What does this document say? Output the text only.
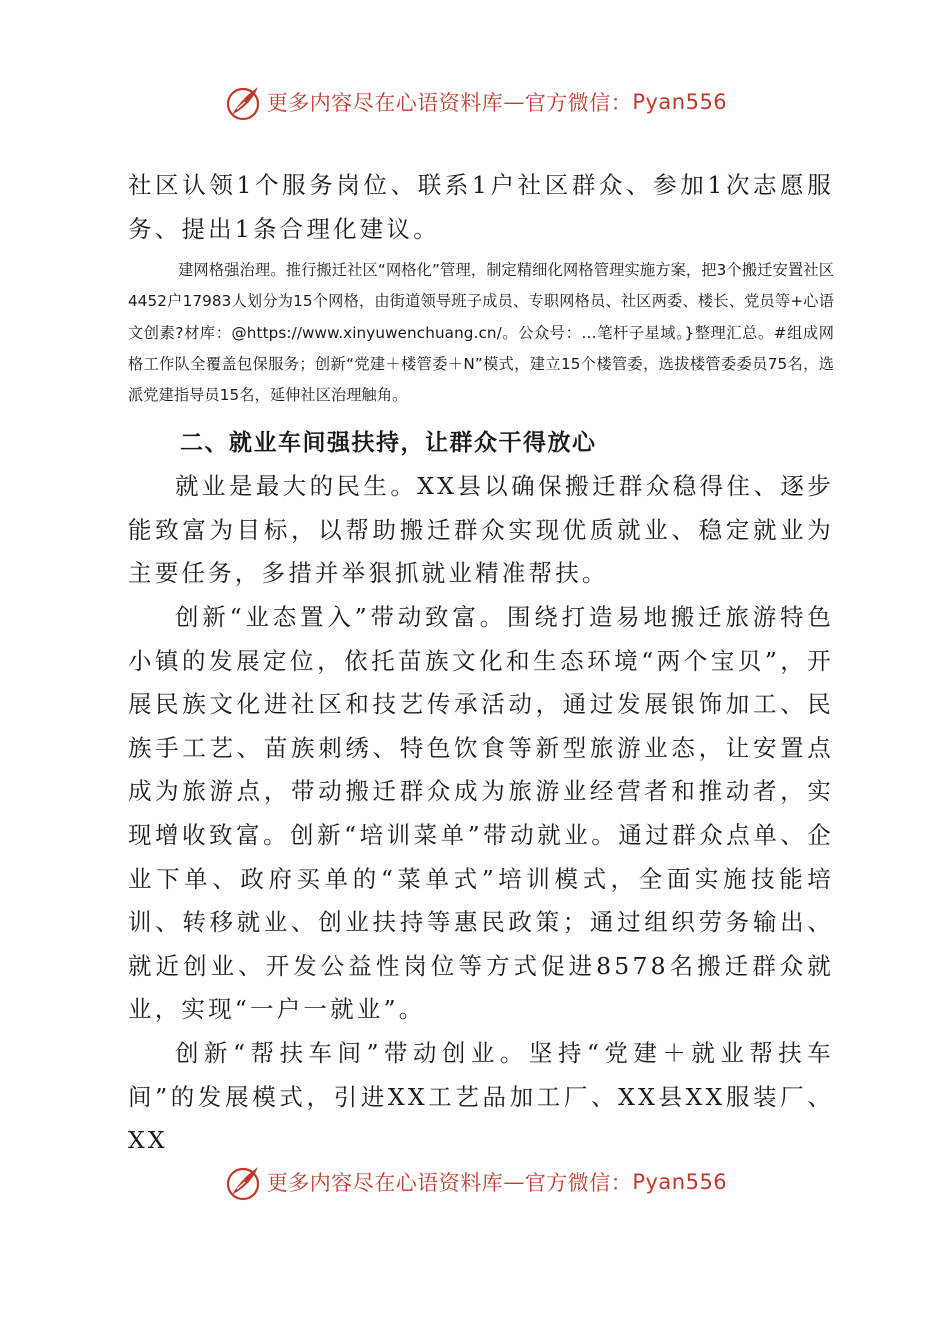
更多内容尽在心语资料库 — 官方微信： Pyan556

社区认领1个服务岗位、联系1户社区群众、参加1次志愿服务、提出1条合理化建议。

建网格强治理。推行搬迁社区“网格化”管理，制定精细化网格管理实施方案，把3个搬迁安置社区4452户17983人划分为15个网格，由街道领导班子成员、专职网格员、社区两委、楼长、党员等+心语文创素?材库：@https://www.xinyuwenchuang.cn/。公众号：…笔杆子星域。}整理汇总。#组成网格工作队全覆盖包保服务；创新“党建＋楼管委＋N”模式，建立15个楼管委，选拔楼管委委员75名，选派党建指导员15名，延伸社区治理触角。

二、就业车间强扶持，让群众干得放心

就业是最大的民生。XX县以确保搬迁群众稳得住、逐步能致富为目标，以帮助搬迁群众实现优质就业、稳定就业为主要任务，多措并举狠抓就业精准帮扶。

创新“业态置入”带动致富。围绕打造易地搬迁旅游特色小镇的发展定位，依托苗族文化和生态环境“两个宝贝”，开展民族文化进社区和技艺传承活动，通过发展银饰加工、民族手工艺、苗族刺绣、特色饮食等新型旅游业态，让安置点成为旅游点，带动搬迁群众成为旅游业经营者和推动者，实现增收致富。创新“培训菜单”带动就业。通过群众点单、企业下单、政府买单的“菜单式”培训模式，全面实施技能培训、转移就业、创业扶持等惠民政策；通过组织劳务输出、就近创业、开发公益性岗位等方式促进8578名搬迁群众就业，实现“一户一就业”。

创新“帮扶车间”带动创业。坚持“党建＋就业帮扶车间”的发展模式，引进XX工艺品加工厂、XX县XX服装厂、XX

更多内容尽在心语资料库 — 官方微信： Pyan556
